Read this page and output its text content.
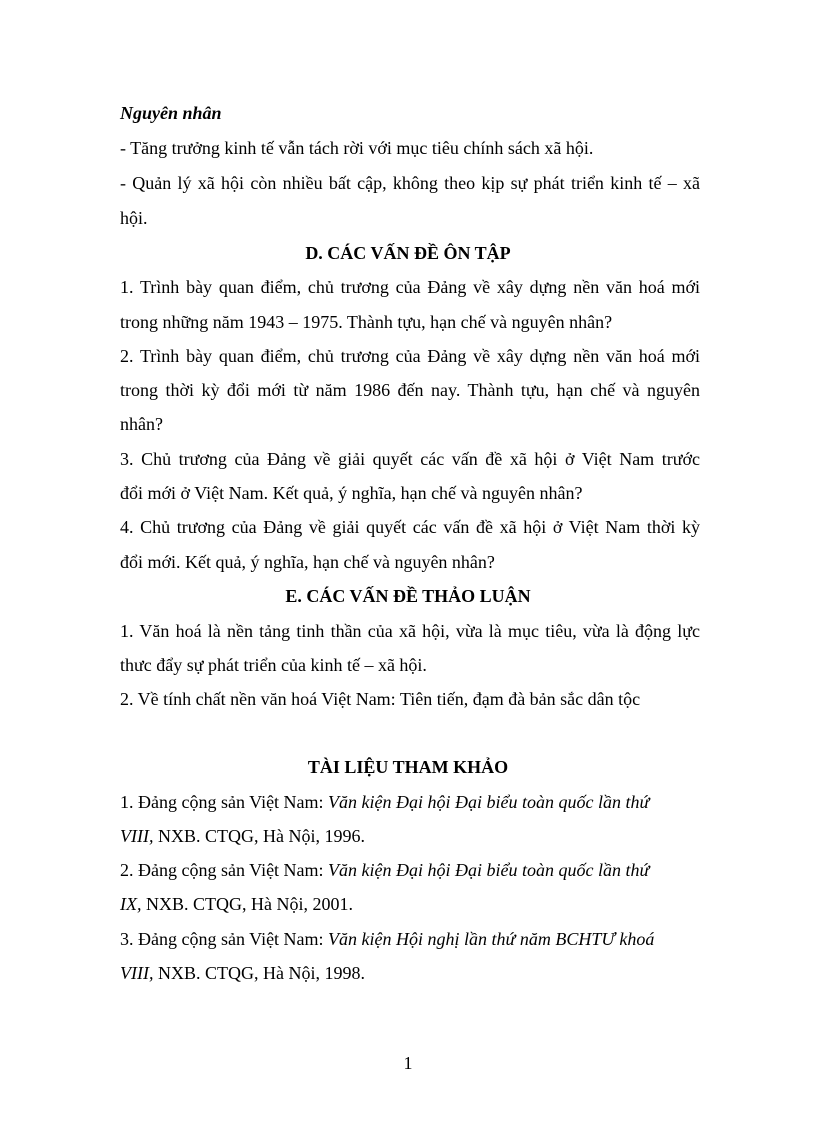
Nguyên nhân
- Tăng trưởng kinh tế vẫn tách rời với mục tiêu chính sách xã hội.
- Quản lý xã hội còn nhiều bất cập, không theo kịp sự phát triển kinh tế – xã
hội.
D. CÁC VẤN ĐỀ ÔN TẬP
1. Trình bày quan điểm, chủ trương của Đảng về xây dựng nền văn hoá mới
trong những năm 1943 – 1975. Thành tựu, hạn chế và nguyên nhân?
2. Trình bày quan điểm, chủ trương của Đảng về xây dựng nền văn hoá mới
trong thời kỳ đổi mới từ năm 1986 đến nay. Thành tựu, hạn chế và nguyên
nhân?
3. Chủ trương của Đảng về giải quyết các vấn đề xã hội ở Việt Nam trước
đổi mới ở Việt Nam. Kết quả, ý nghĩa, hạn chế và nguyên nhân?
4. Chủ trương của Đảng về giải quyết các vấn đề xã hội ở Việt Nam thời kỳ
đổi mới. Kết quả, ý nghĩa, hạn chế và nguyên nhân?
E. CÁC VẤN ĐỀ THẢO LUẬN
1. Văn hoá là nền tảng tinh thần của xã hội, vừa là mục tiêu, vừa là động lực
thưc đẩy sự phát triển của kinh tế – xã hội.
2. Về tính chất nền văn hoá Việt Nam: Tiên tiến, đạm đà bản sắc dân tộc
TÀI LIỆU THAM KHẢO
1. Đảng cộng sản Việt Nam: Văn kiện Đại hội Đại biểu toàn quốc lần thứ
VIII, NXB. CTQG, Hà Nội, 1996.
2. Đảng cộng sản Việt Nam: Văn kiện Đại hội Đại biểu toàn quốc lần thứ
IX, NXB. CTQG, Hà Nội, 2001.
3. Đảng cộng sản Việt Nam: Văn kiện Hội nghị lần thứ năm BCHTƯ khoá
VIII, NXB. CTQG, Hà Nội, 1998.
1
